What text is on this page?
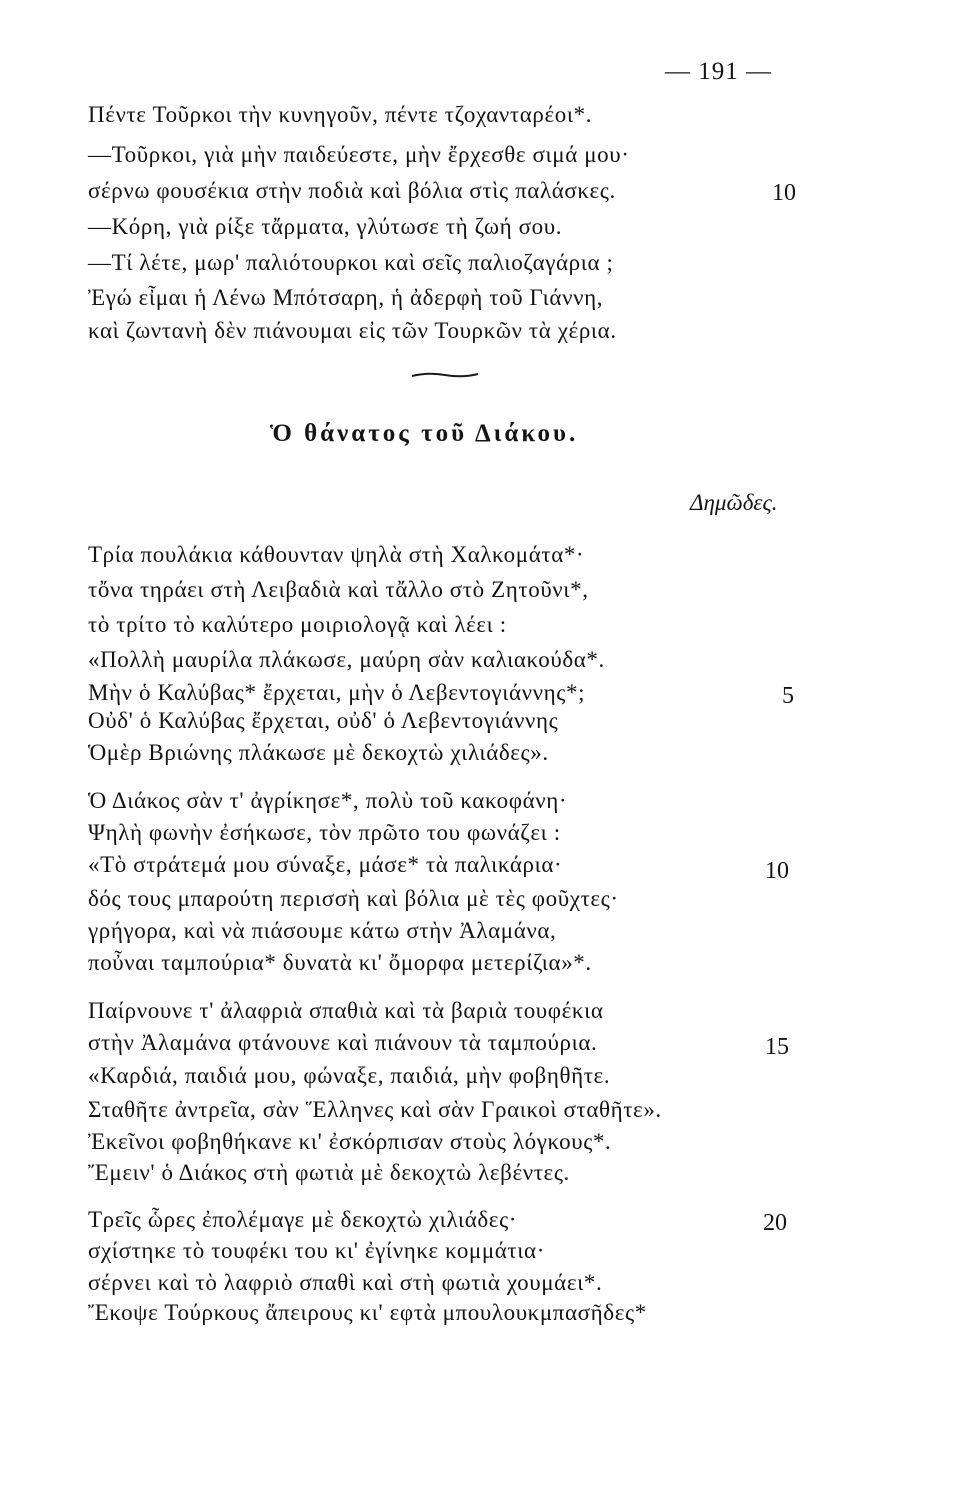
— 191 —
Πέντε Τοῦρκοι τὴν κυνηγοῦν, πέντε τζοχανταρέοι*.
—Τοῦρκοι, γιὰ μὴν παιδεύεστε, μὴν ἔρχεσθε σιμά μου·
σέρνω φουσέκια στὴν ποδιὰ καὶ βόλια στὶς παλάσκες.
—Κόρη, γιὰ ρίξε τἄρματα, γλύτωσε τὴ ζωή σου.
—Τί λέτε, μωρ' παλιότουρκοι καὶ σεῖς παλιοζαγάρια ;
Ἐγώ εἶμαι ἡ Λένω Μπότσαρη, ἡ ἀδερφὴ τοῦ Γιάννη,
καὶ ζωντανὴ δὲν πιάνουμαι εἰς τῶν Τουρκῶν τὰ χέρια.
10
Ὁ θάνατος τοῦ Διάκου.
Δημῶδες.
Τρία πουλάκια κάθουνταν ψηλὰ στὴ Χαλκομάτα*·
τὄνα τηράει στὴ Λειβαδιὰ καὶ τἄλλο στὸ Ζητοῦνι*,
τὸ τρίτο τὸ καλύτερο μοιριολογᾷ καὶ λέει :
«Πολλὴ μαυρίλα πλάκωσε, μαύρη σὰν καλιακούδα*.
Μὴν ὁ Καλύβας* ἔρχεται, μὴν ὁ Λεβεντογιάννης*;
Οὐδ' ὁ Καλύβας ἔρχεται, οὐδ' ὁ Λεβεντογιάννης
Ὁμὲρ Βριώνης πλάκωσε μὲ δεκοχτὼ χιλιάδες».
5
Ὁ Διάκος σὰν τ' ἀγρίκησε*, πολὺ τοῦ κακοφάνη·
Ψηλὴ φωνὴν ἐσήκωσε, τὸν πρῶτο του φωνάζει :
«Τὸ στράτεμά μου σύναξε, μάσε* τὰ παλικάρια·
δός τους μπαρούτη περισσὴ καὶ βόλια μὲ τὲς φοῦχτες·
γρήγορα, καὶ νὰ πιάσουμε κάτω στὴν Ἀλαμάνα,
ποὖναι ταμπούρια* δυνατὰ κι' ὄμορφα μετερίζια»*.
10
Παίρνουνε τ' ἀλαφριὰ σπαθιὰ καὶ τὰ βαριὰ τουφέκια
στὴν Ἀλαμάνα φτάνουνε καὶ πιάνουν τὰ ταμπούρια.
«Καρδιά, παιδιά μου, φώναξε, παιδιά, μὴν φοβηθῆτε.
Σταθῆτε ἀντρεῖα, σὰν Ἕλληνες καὶ σὰν Γραικοὶ σταθῆτε».
Ἐκεῖνοι φοβηθήκανε κι' ἐσκόρπισαν στοὺς λόγκους*.
Ἔμειν' ὁ Διάκος στὴ φωτιὰ μὲ δεκοχτὼ λεβέντες.
15
Τρεῖς ὧρες ἐπολέμαγε μὲ δεκοχτὼ χιλιάδες·
σχίστηκε τὸ τουφέκι του κι' ἐγίνηκε κομμάτια·
σέρνει καὶ τὸ λαφριὸ σπαθὶ καὶ στὴ φωτιὰ χουμάει*.
Ἔκοψε Τούρκους ἄπειρους κι' εφτὰ μπουλουκμπασῆδες*
20
